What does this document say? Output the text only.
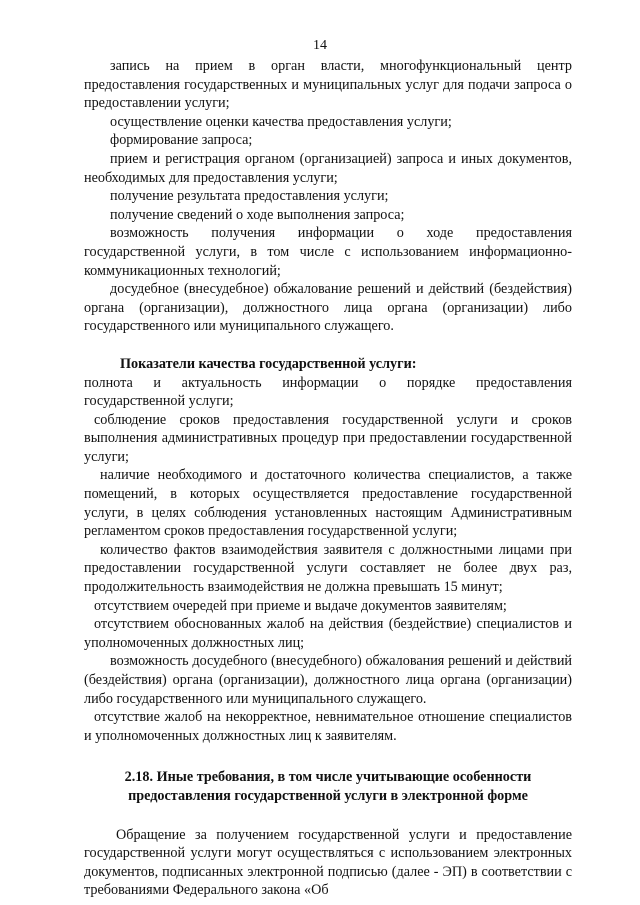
14

запись на прием в орган власти, многофункциональный центр предоставления государственных и муниципальных услуг для подачи запроса о предоставлении услуги;

осуществление оценки качества предоставления услуги;

формирование запроса;

прием и регистрация органом (организацией) запроса и иных документов, необходимых для предоставления услуги;

получение результата предоставления услуги;

получение сведений о ходе выполнения запроса;

возможность получения информации о ходе предоставления государственной услуги, в том числе с использованием информационно-коммуникационных технологий;

досудебное (внесудебное) обжалование решений и действий (бездействия) органа (организации), должностного лица органа (организации) либо государственного или муниципального служащего.

Показатели качества государственной услуги:

полнота и актуальность информации о порядке предоставления государственной услуги;

соблюдение сроков предоставления государственной услуги и сроков выполнения административных процедур при предоставлении государственной услуги;

наличие необходимого и достаточного количества специалистов, а также помещений, в которых осуществляется предоставление государственной услуги, в целях соблюдения установленных настоящим Административным регламентом сроков предоставления государственной услуги;

количество фактов взаимодействия заявителя с должностными лицами при предоставлении государственной услуги составляет не более двух раз, продолжительность взаимодействия не должна превышать 15 минут;

отсутствием очередей при приеме и выдаче документов заявителям;

отсутствием обоснованных жалоб на действия (бездействие) специалистов и уполномоченных должностных лиц;

возможность досудебного (внесудебного) обжалования решений и действий (бездействия) органа (организации), должностного лица органа (организации) либо государственного или муниципального служащего.

отсутствие жалоб на некорректное, невнимательное отношение специалистов и уполномоченных должностных лиц к заявителям.

2.18. Иные требования, в том числе учитывающие особенности

предоставления государственной услуги в электронной форме

Обращение за получением государственной услуги и предоставление государственной услуги могут осуществляться с использованием электронных документов, подписанных электронной подписью (далее - ЭП) в соответствии с требованиями Федерального закона «Об
